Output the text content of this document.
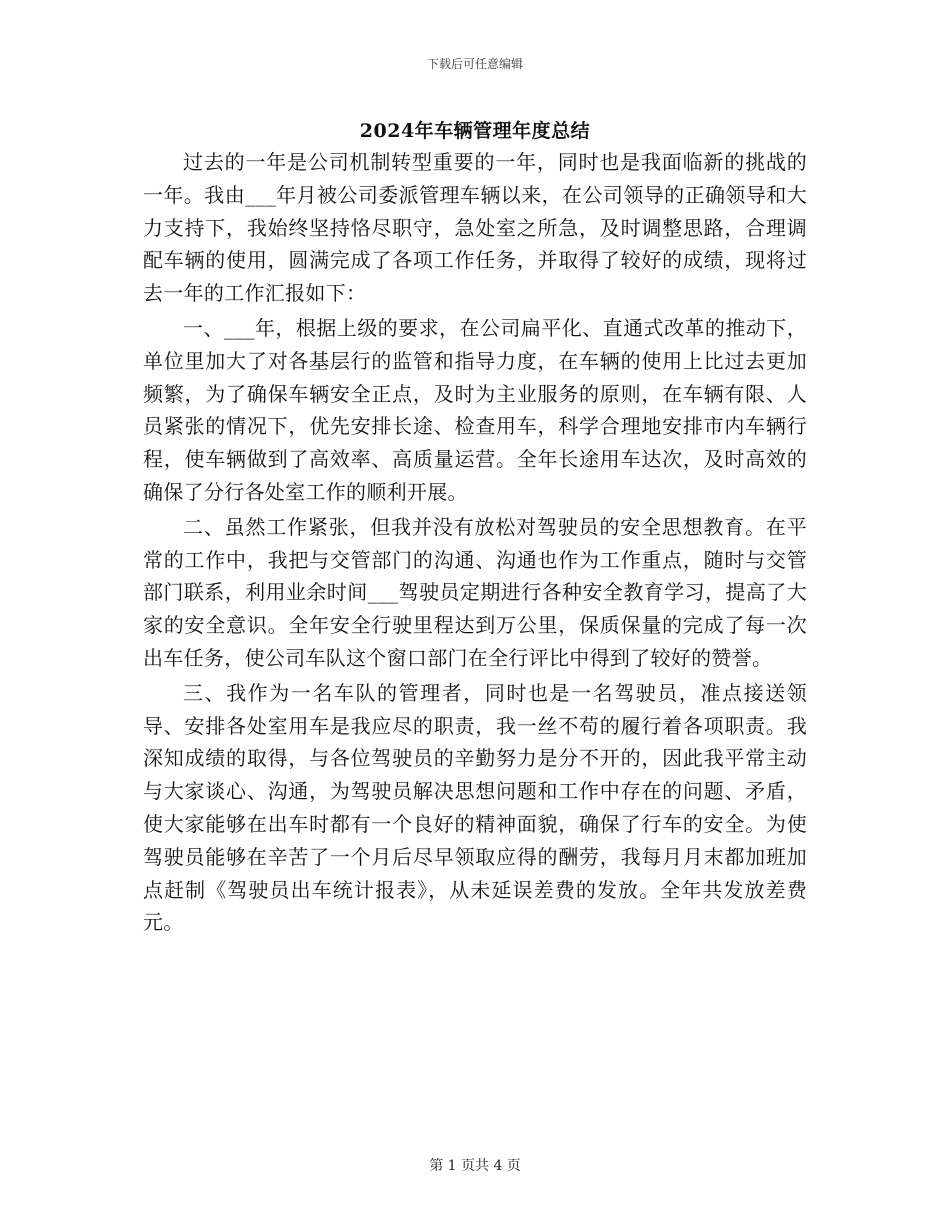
下载后可任意编辑
2024年车辆管理年度总结

过去的一年是公司机制转型重要的一年，同时也是我面临新的挑战的一年。我由___年月被公司委派管理车辆以来，在公司领导的正确领导和大力支持下，我始终坚持恪尽职守，急处室之所急，及时调整思路，合理调配车辆的使用，圆满完成了各项工作任务，并取得了较好的成绩，现将过去一年的工作汇报如下：

一、___年，根据上级的要求，在公司扁平化、直通式改革的推动下，单位里加大了对各基层行的监管和指导力度，在车辆的使用上比过去更加频繁，为了确保车辆安全正点，及时为主业服务的原则，在车辆有限、人员紧张的情况下，优先安排长途、检查用车，科学合理地安排市内车辆行程，使车辆做到了高效率、高质量运营。全年长途用车达次，及时高效的确保了分行各处室工作的顺利开展。

二、虽然工作紧张，但我并没有放松对驾驶员的安全思想教育。在平常的工作中，我把与交管部门的沟通、沟通也作为工作重点，随时与交管部门联系，利用业余时间___驾驶员定期进行各种安全教育学习，提高了大家的安全意识。全年安全行驶里程达到万公里，保质保量的完成了每一次出车任务，使公司车队这个窗口部门在全行评比中得到了较好的赞誉。

三、我作为一名车队的管理者，同时也是一名驾驶员，准点接送领导、安排各处室用车是我应尽的职责，我一丝不苟的履行着各项职责。我深知成绩的取得，与各位驾驶员的辛勤努力是分不开的，因此我平常主动与大家谈心、沟通，为驾驶员解决思想问题和工作中存在的问题、矛盾，使大家能够在出车时都有一个良好的精神面貌，确保了行车的安全。为使驾驶员能够在辛苦了一个月后尽早领取应得的酬劳，我每月月末都加班加点赶制《驾驶员出车统计报表》，从未延误差费的发放。全年共发放差费元。

第 1 页共 4 页
